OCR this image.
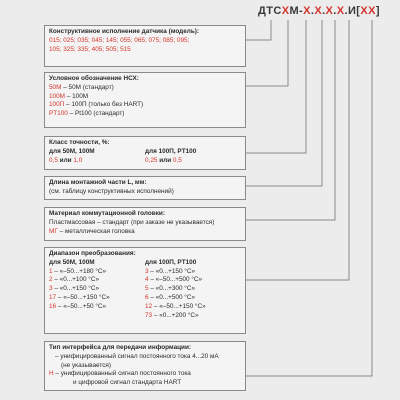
ДТСXМ-X.X.X.X.И[XX]
Конструктивное исполнение датчика (модель):
015; 025; 035; 045; 145; 055; 065; 075; 085; 095;
105; 325; 335; 405; 505; 515
Условное обозначение НСХ:
50М – 50М (стандарт)
100М – 100М
100П – 100П (только без HART)
PT100 – Pt100 (стандарт)
Класс точности, %:
для 50М, 100М
0,5 или 1,0
для 100П, PT100
0,25 или 0,5
Длина монтажной части L, мм:
(см. таблицу конструктивных исполнений)
Материал коммутационной головки:
Пластмассовая – стандарт (при заказе не указывается)
МГ – металлическая головка
Диапазон преобразования:
для 50М, 100М
1 – «–50...+180 °С»
2 – «0...+100 °С»
3 – «0...+150 °С»
17 – «–50...+150 °С»
16 – «–50...+50 °С»
для 100П, PT100
3 – «0...+150 °С»
4 – «–50...+500 °С»
5 – «0...+300 °С»
6 – «0...+500 °С»
12 – «–50...+150 °С»
73 – «0...+200 °С»
Тип интерфейса для передачи информации:
– унифицированный сигнал постоянного тока 4...20 мА
(не указывается)
Н – унифицированный сигнал постоянного тока
и цифровой сигнал стандарта HART
